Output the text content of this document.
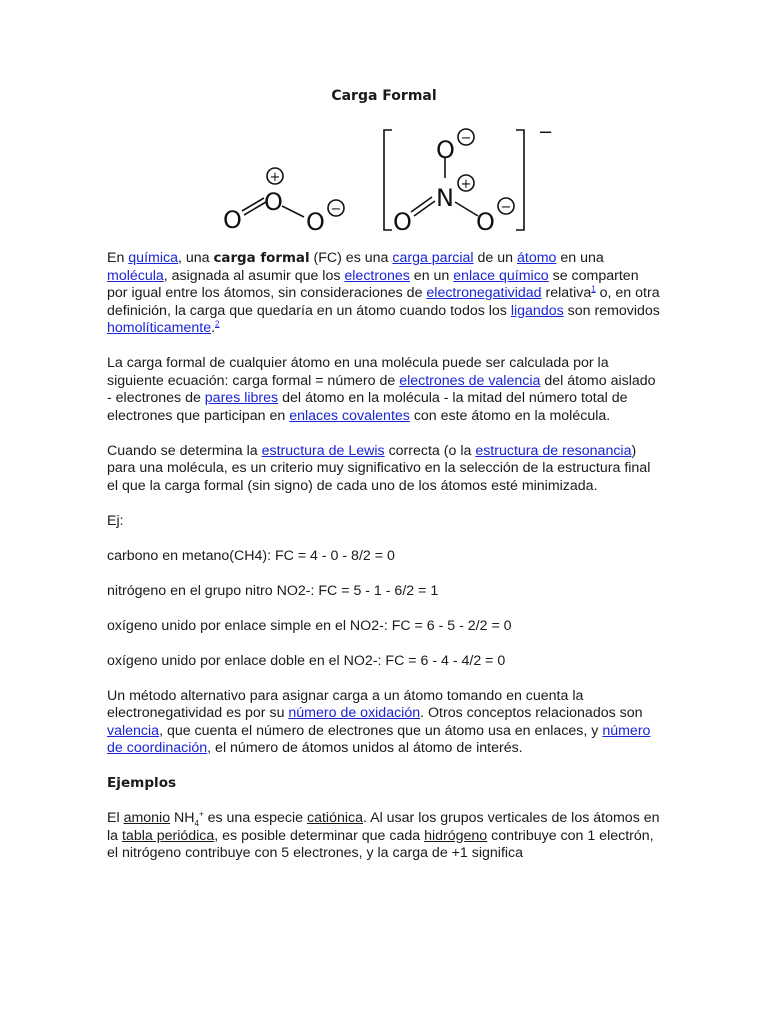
Carga Formal
O
O
O
+
−
O
N
O	O
−
+
−
−

En química, una carga formal (FC) es una carga parcial de un átomo en una molécula, asignada al asumir que los electrones en un enlace químico se comparten por igual entre los átomos, sin consideraciones de electronegatividad relativa$^1$ o, en otra definición, la carga que quedaría en un átomo cuando todos los ligandos son removidos homolíticamente.$^2$

La carga formal de cualquier átomo en una molécula puede ser calculada por la siguiente ecuación: carga formal = número de electrones de valencia del átomo aislado - electrones de pares libres del átomo en la molécula - la mitad del número total de electrones que participan en enlaces covalentes con este átomo en la molécula.

Cuando se determina la estructura de Lewis correcta (o la estructura de resonancia) para una molécula, es un criterio muy significativo en la selección de la estructura final el que la carga formal (sin signo) de cada uno de los átomos esté minimizada.

Ej:

carbono en metano(CH4): FC = 4 - 0 - 8/2 = 0

nitrógeno en el grupo nitro NO2-: FC = 5 - 1 - 6/2 = 1

oxígeno unido por enlace simple en el NO2-: FC = 6 - 5 - 2/2 = 0

oxígeno unido por enlace doble en el NO2-: FC = 6 - 4 - 4/2 = 0

Un método alternativo para asignar carga a un átomo tomando en cuenta la electronegatividad es por su número de oxidación. Otros conceptos relacionados son valencia, que cuenta el número de electrones que un átomo usa en enlaces, y número de coordinación, el número de átomos unidos al átomo de interés.

Ejemplos

El amonio $NH_4^+$ es una especie catiónica. Al usar los grupos verticales de los átomos en la tabla periódica, es posible determinar que cada hidrógeno contribuye con 1 electrón, el nitrógeno contribuye con 5 electrones, y la carga de +1 significa
